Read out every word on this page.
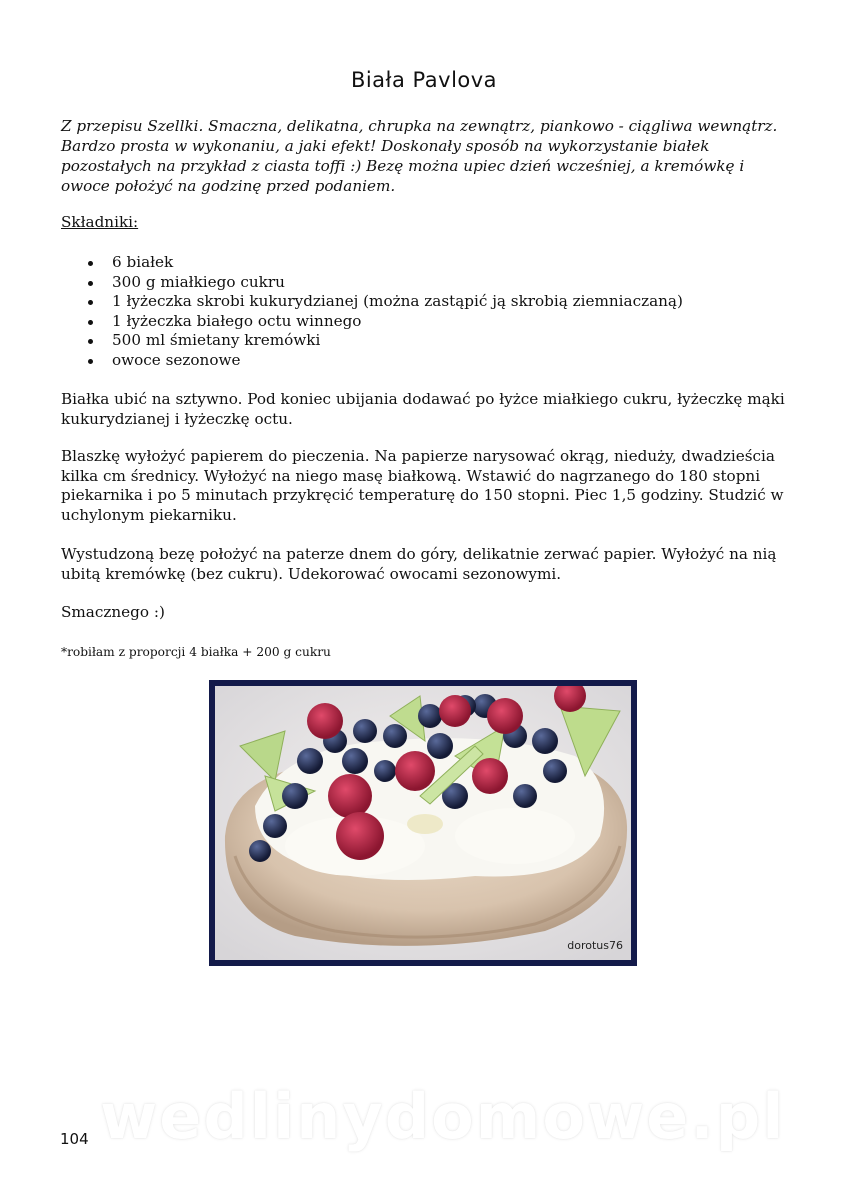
Biała Pavlova

Z przepisu Szellki. Smaczna, delikatna, chrupka na zewnątrz, piankowo - ciągliwa wewnątrz. Bardzo prosta w wykonaniu, a jaki efekt! Doskonały sposób na wykorzystanie białek pozostałych na przykład z ciasta toffi :) Bezę można upiec dzień wcześniej, a kremówkę i owoce położyć na godzinę przed podaniem.

Składniki:

6 białek
300 g miałkiego cukru
1 łyżeczka skrobi kukurydzianej (można zastąpić ją skrobią ziemniaczaną)
1 łyżeczka białego octu winnego
500 ml śmietany kremówki
owoce sezonowe

Białka ubić na sztywno. Pod koniec ubijania dodawać po łyżce miałkiego cukru, łyżeczkę mąki kukurydzianej i łyżeczkę octu.

Blaszkę wyłożyć papierem do pieczenia. Na papierze narysować okrąg, nieduży, dwadzieścia kilka cm średnicy. Wyłożyć na niego masę białkową. Wstawić do nagrzanego do 180 stopni piekarnika i po 5 minutach przykręcić temperaturę do 150 stopni. Piec 1,5 godziny. Studzić w uchylonym piekarniku.

Wystudzoną bezę położyć na paterze dnem do góry, delikatnie zerwać papier. Wyłożyć na nią ubitą kremówkę (bez cukru). Udekorować owocami sezonowymi.

Smacznego :)

*robiłam z proporcji 4 białka + 200 g cukru

dorotus76
wedlinydomowe.pl
104
